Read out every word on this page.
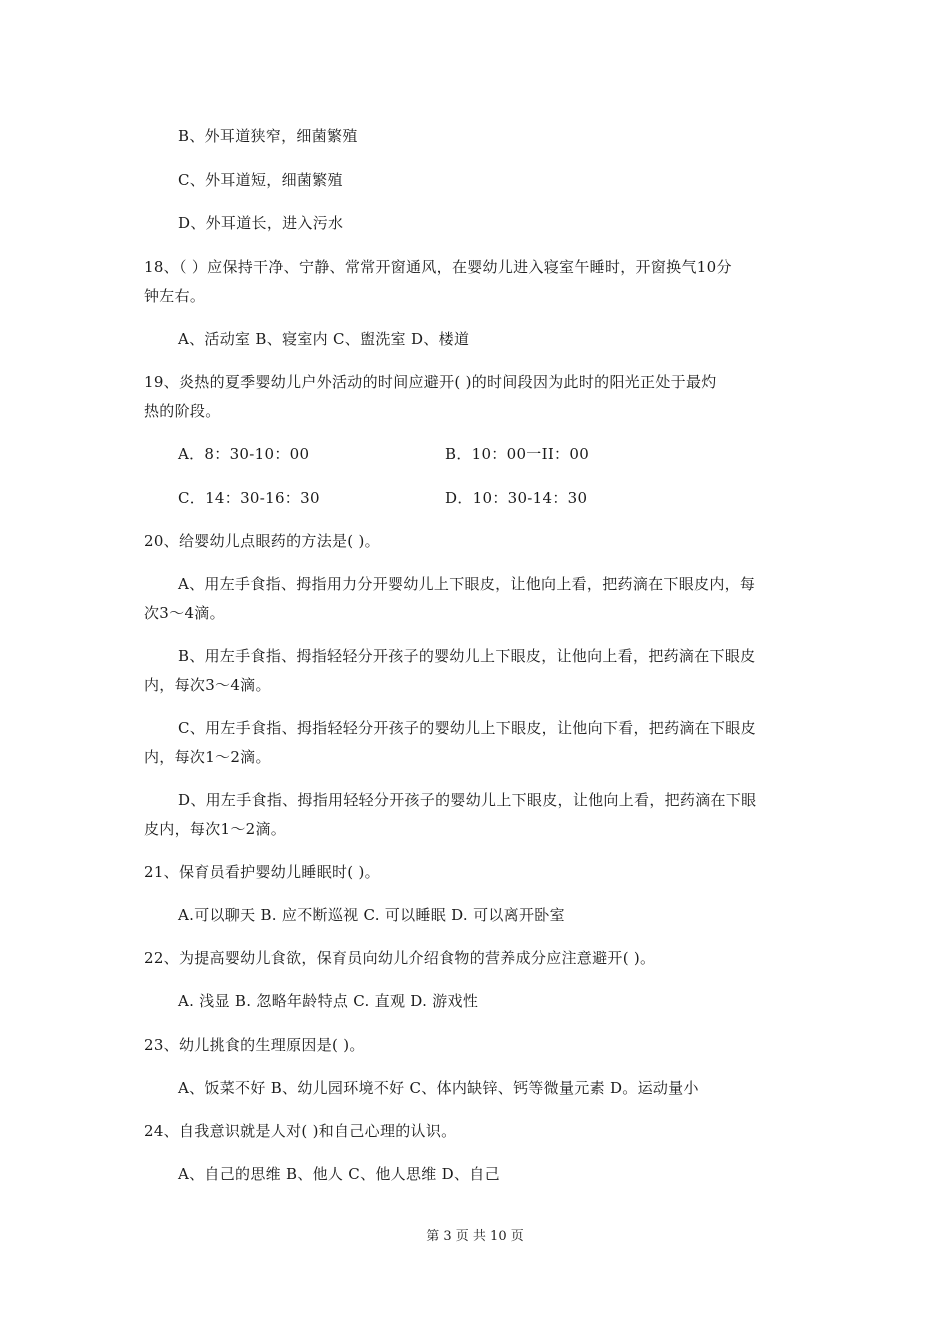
B、外耳道狭窄，细菌繁殖
C、外耳道短，细菌繁殖
D、外耳道长，进入污水
18、（ ）应保持干净、宁静、常常开窗通风，在婴幼儿进入寝室午睡时，开窗换气10分
钟左右。
A、活动室 B、寝室内 C、盥洗室 D、楼道
19、炎热的夏季婴幼儿户外活动的时间应避开( )的时间段因为此时的阳光正处于最灼
热的阶段。
A．8：30-10：00	B．10：00一II：00
C．14：30-16：30	D．10：30-14：30
20、给婴幼儿点眼药的方法是( )。
A、用左手食指、拇指用力分开婴幼儿上下眼皮，让他向上看，把药滴在下眼皮内，每
次3～4滴。
B、用左手食指、拇指轻轻分开孩子的婴幼儿上下眼皮，让他向上看，把药滴在下眼皮
内，每次3～4滴。
C、用左手食指、拇指轻轻分开孩子的婴幼儿上下眼皮，让他向下看，把药滴在下眼皮
内，每次1～2滴。
D、用左手食指、拇指用轻轻分开孩子的婴幼儿上下眼皮，让他向上看，把药滴在下眼
皮内，每次1～2滴。
21、保育员看护婴幼儿睡眠时( )。
A.可以聊天 B. 应不断巡视 C. 可以睡眠 D. 可以离开卧室
22、为提高婴幼儿食欲，保育员向幼儿介绍食物的营养成分应注意避开( )。
A. 浅显 B. 忽略年龄特点 C. 直观 D. 游戏性
23、幼儿挑食的生理原因是( )。
A、饭菜不好 B、幼儿园环境不好 C、体内缺锌、钙等微量元素 D。运动量小
24、自我意识就是人对( )和自己心理的认识。
A、自己的思维 B、他人 C、他人思维 D、自己
第 3 页 共 10 页
